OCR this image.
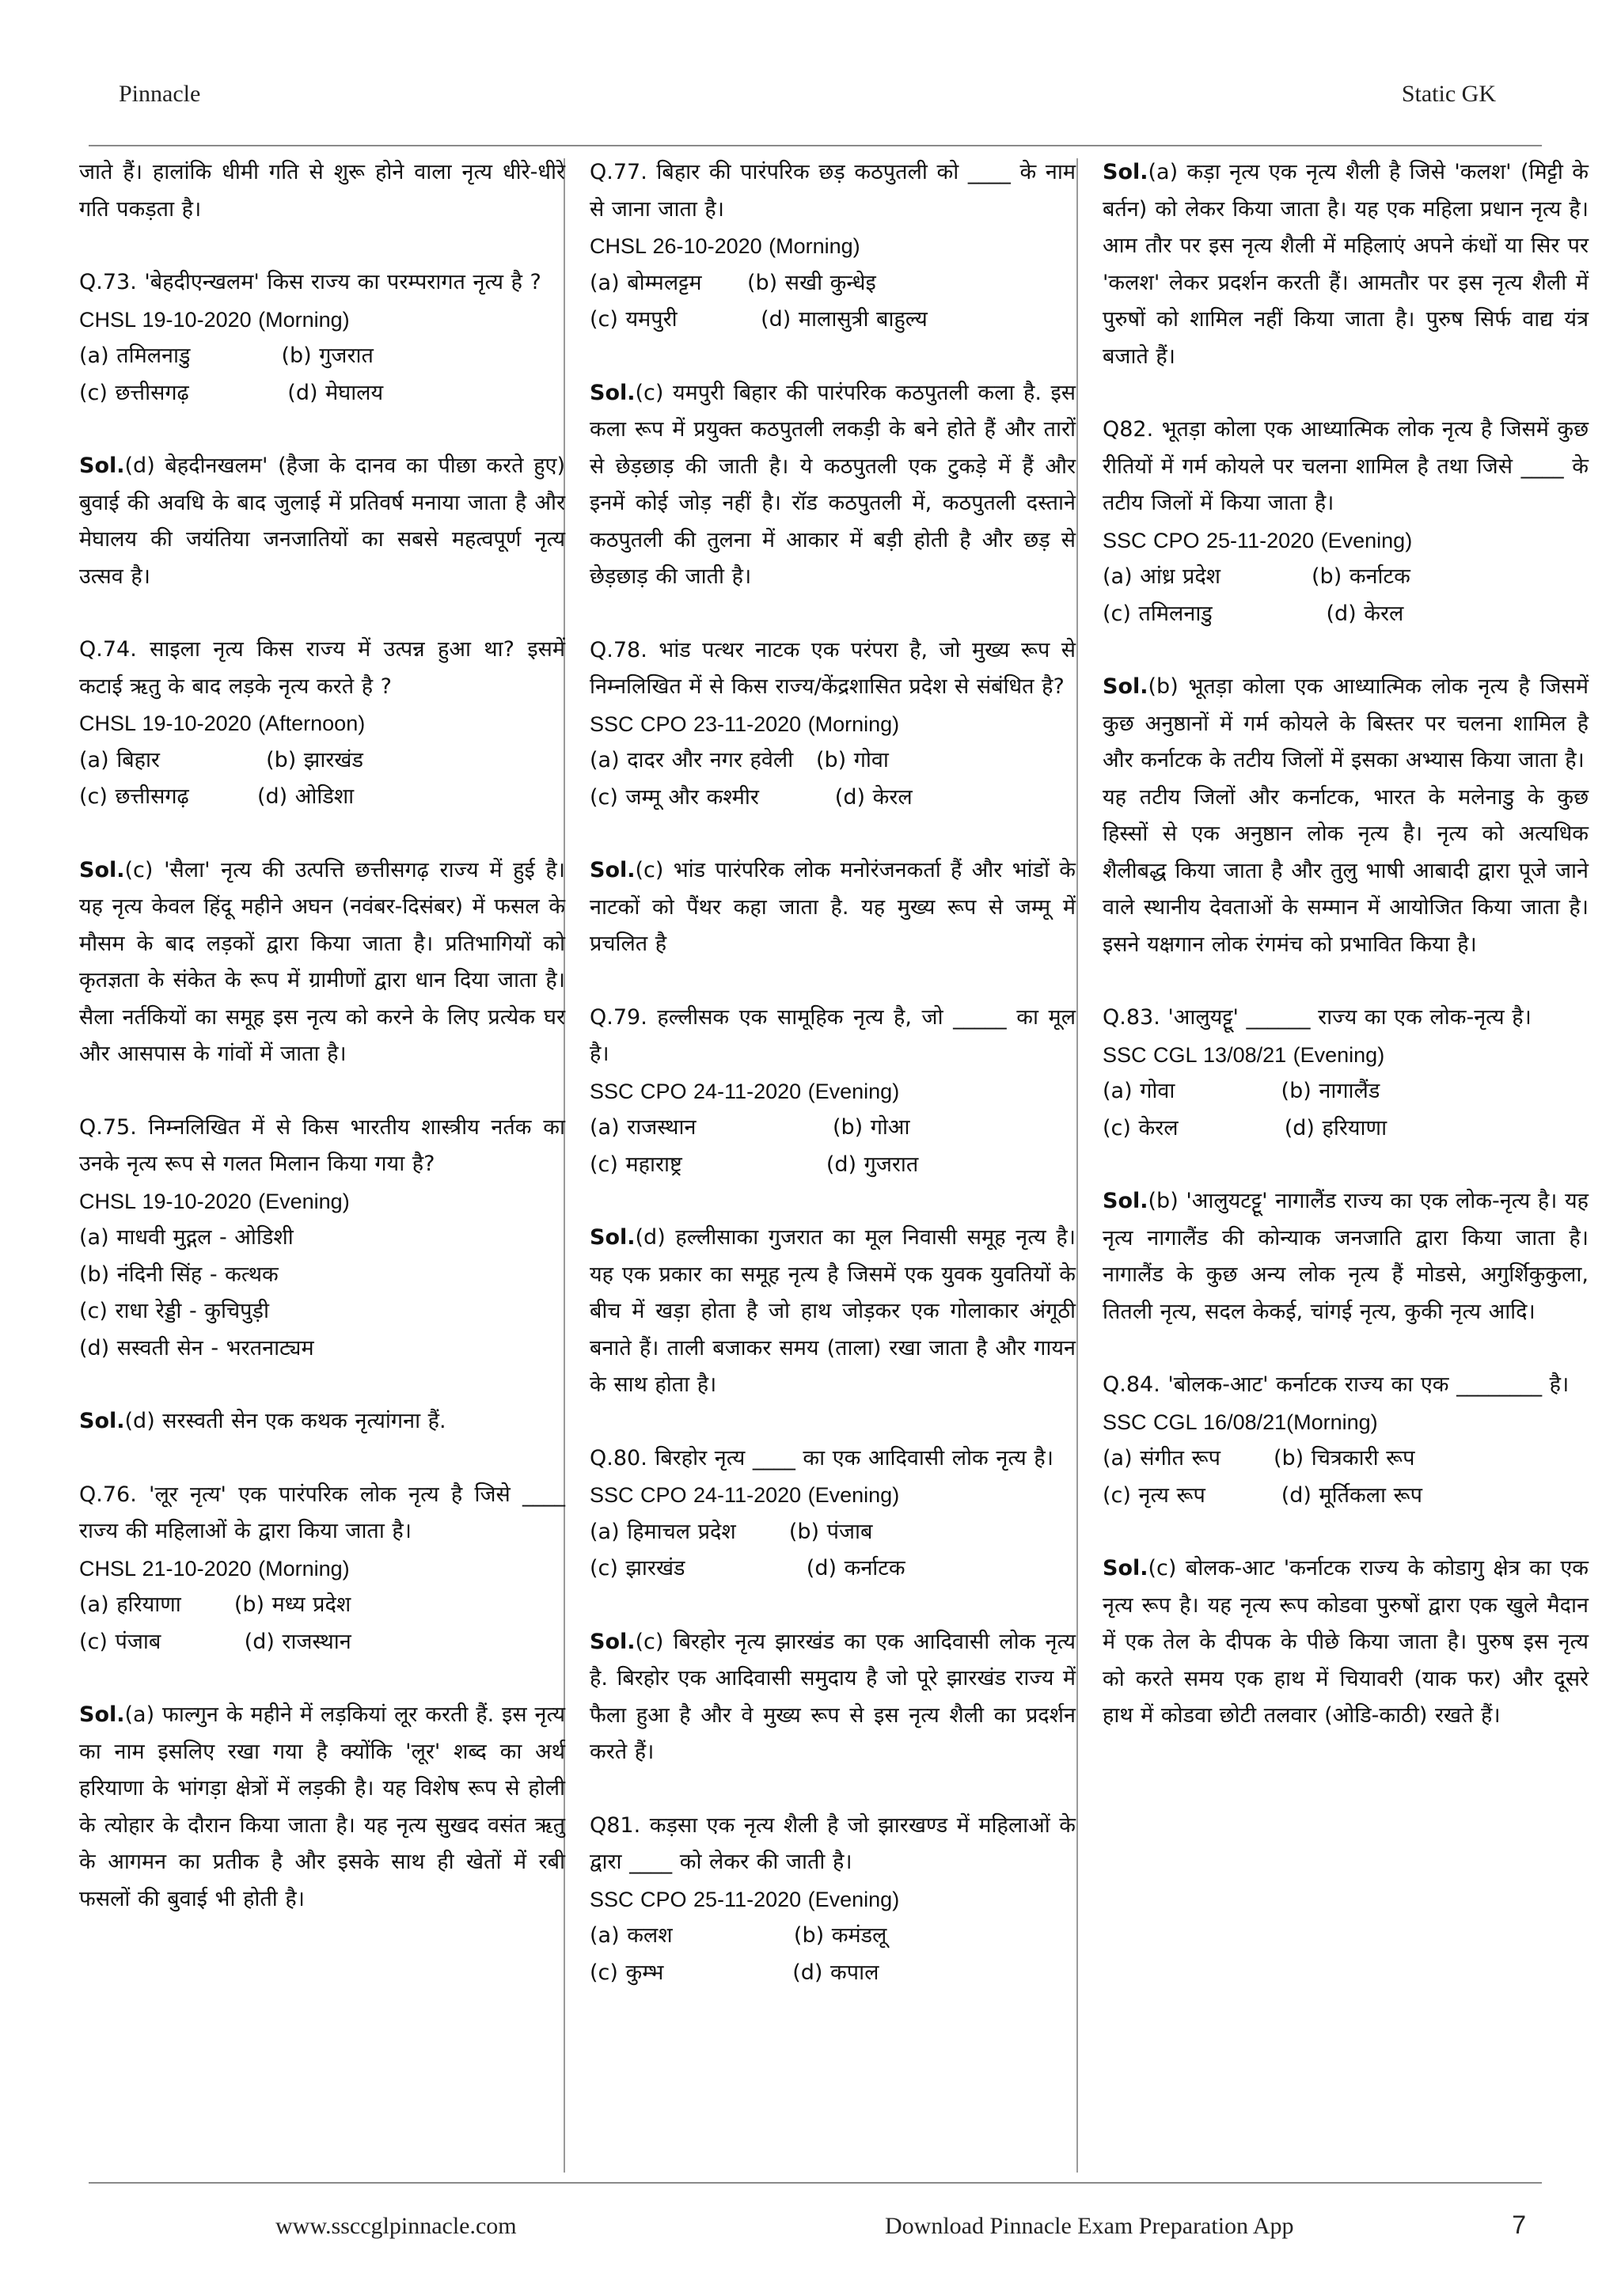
Pinnacle	Static GK

जाते हैं। हालांकि धीमी गति से शुरू होने वाला नृत्य धीरे-धीरे गति पकड़ता है।

Q.73. 'बेहदीएन्खलम' किस राज्य का परम्परागत नृत्य है ?
CHSL 19-10-2020 (Morning)
(a) तमिलनाडु            (b) गुजरात
(c) छत्तीसगढ़             (d) मेघालय

Sol.(d) बेहदीनखलम' (हैजा के दानव का पीछा करते हुए) बुवाई की अवधि के बाद जुलाई में प्रतिवर्ष मनाया जाता है और मेघालय की जयंतिया जनजातियों का सबसे महत्वपूर्ण नृत्य उत्सव है।

Q.74. साइला नृत्य किस राज्य में उत्पन्न हुआ था? इसमें कटाई ऋतु के बाद लड़के नृत्य करते है ?
CHSL 19-10-2020 (Afternoon)
(a) बिहार              (b) झारखंड
(c) छत्तीसगढ़         (d) ओडिशा

Sol.(c) 'सैला' नृत्य की उत्पत्ति छत्तीसगढ़ राज्य में हुई है। यह नृत्य केवल हिंदू महीने अघन (नवंबर-दिसंबर) में फसल के मौसम के बाद लड़कों द्वारा किया जाता है। प्रतिभागियों को कृतज्ञता के संकेत के रूप में ग्रामीणों द्वारा धान दिया जाता है। सैला नर्तकियों का समूह इस नृत्य को करने के लिए प्रत्येक घर और आसपास के गांवों में जाता है।

Q.75. निम्नलिखित में से किस भारतीय शास्त्रीय नर्तक का उनके नृत्य रूप से गलत मिलान किया गया है?
CHSL 19-10-2020 (Evening)
(a) माधवी मुद्गल - ओडिशी
(b) नंदिनी सिंह - कत्थक
(c) राधा रेड्डी - कुचिपुड़ी
(d) सस्वती सेन - भरतनाट्यम

Sol.(d) सरस्वती सेन एक कथक नृत्यांगना हैं.

Q.76. 'लूर नृत्य' एक पारंपरिक लोक नृत्य है जिसे ____ राज्य की महिलाओं के द्वारा किया जाता है।
CHSL 21-10-2020 (Morning)
(a) हरियाणा       (b) मध्य प्रदेश
(c) पंजाब           (d) राजस्थान

Sol.(a) फाल्गुन के महीने में लड़कियां लूर करती हैं. इस नृत्य का नाम इसलिए रखा गया है क्योंकि 'लूर' शब्द का अर्थ हरियाणा के भांगड़ा क्षेत्रों में लड़की है। यह विशेष रूप से होली के त्योहार के दौरान किया जाता है। यह नृत्य सुखद वसंत ऋतु के आगमन का प्रतीक है और इसके साथ ही खेतों में रबी फसलों की बुवाई भी होती है।

Q.77. बिहार की पारंपरिक छड़ कठपुतली को ____ के नाम से जाना जाता है।
CHSL 26-10-2020 (Morning)
(a) बोम्मलट्टम      (b) सखी कुन्धेइ
(c) यमपुरी           (d) मालासुत्री बाहुल्य

Sol.(c) यमपुरी बिहार की पारंपरिक कठपुतली कला है. इस कला रूप में प्रयुक्त कठपुतली लकड़ी के बने होते हैं और तारों से छेड़छाड़ की जाती है। ये कठपुतली एक टुकड़े में हैं और इनमें कोई जोड़ नहीं है। रॉड कठपुतली में, कठपुतली दस्ताने कठपुतली की तुलना में आकार में बड़ी होती है और छड़ से छेड़छाड़ की जाती है।

Q.78. भांड पत्थर नाटक एक परंपरा है, जो मुख्य रूप से निम्नलिखित में से किस राज्य/केंद्रशासित प्रदेश से संबंधित है?
SSC CPO 23-11-2020 (Morning)
(a) दादर और नगर हवेली   (b) गोवा
(c) जम्मू और कश्मीर          (d) केरल

Sol.(c) भांड पारंपरिक लोक मनोरंजनकर्ता हैं और भांडों के नाटकों को पैंथर कहा जाता है. यह मुख्य रूप से जम्मू में प्रचलित है

Q.79. हल्लीसक एक सामूहिक नृत्य है, जो _____ का मूल है।
SSC CPO 24-11-2020 (Evening)
(a) राजस्थान                  (b) गोआ
(c) महाराष्ट्र                   (d) गुजरात

Sol.(d) हल्लीसाका गुजरात का मूल निवासी समूह नृत्य है। यह एक प्रकार का समूह नृत्य है जिसमें एक युवक युवतियों के बीच में खड़ा होता है जो हाथ जोड़कर एक गोलाकार अंगूठी बनाते हैं। ताली बजाकर समय (ताला) रखा जाता है और गायन के साथ होता है।

Q.80. बिरहोर नृत्य ____ का एक आदिवासी लोक नृत्य है।
SSC CPO 24-11-2020 (Evening)
(a) हिमाचल प्रदेश       (b) पंजाब
(c) झारखंड                (d) कर्नाटक

Sol.(c) बिरहोर नृत्य झारखंड का एक आदिवासी लोक नृत्य है. बिरहोर एक आदिवासी समुदाय है जो पूरे झारखंड राज्य में फैला हुआ है और वे मुख्य रूप से इस नृत्य शैली का प्रदर्शन करते हैं।

Q81. कड़सा एक नृत्य शैली है जो झारखण्ड में महिलाओं के द्वारा ____ को लेकर की जाती है।
SSC CPO 25-11-2020 (Evening)
(a) कलश                (b) कमंडलू
(c) कुम्भ                 (d) कपाल

Sol.(a) कड़ा नृत्य एक नृत्य शैली है जिसे 'कलश' (मिट्टी के बर्तन) को लेकर किया जाता है। यह एक महिला प्रधान नृत्य है। आम तौर पर इस नृत्य शैली में महिलाएं अपने कंधों या सिर पर 'कलश' लेकर प्रदर्शन करती हैं। आमतौर पर इस नृत्य शैली में पुरुषों को शामिल नहीं किया जाता है। पुरुष सिर्फ वाद्य यंत्र बजाते हैं।

Q82. भूतड़ा कोला एक आध्यात्मिक लोक नृत्य है जिसमें कुछ रीतियों में गर्म कोयले पर चलना शामिल है तथा जिसे ____ के तटीय जिलों में किया जाता है।
SSC CPO 25-11-2020 (Evening)
(a) आंध्र प्रदेश            (b) कर्नाटक
(c) तमिलनाडु               (d) केरल

Sol.(b) भूतड़ा कोला एक आध्यात्मिक लोक नृत्य है जिसमें कुछ अनुष्ठानों में गर्म कोयले के बिस्तर पर चलना शामिल है और कर्नाटक के तटीय जिलों में इसका अभ्यास किया जाता है।

यह तटीय जिलों और कर्नाटक, भारत के मलेनाडु के कुछ हिस्सों से एक अनुष्ठान लोक नृत्य है। नृत्य को अत्यधिक शैलीबद्ध किया जाता है और तुलु भाषी आबादी द्वारा पूजे जाने वाले स्थानीय देवताओं के सम्मान में आयोजित किया जाता है। इसने यक्षगान लोक रंगमंच को प्रभावित किया है।

Q.83. 'आलुयट्टू' ______ राज्य का एक लोक-नृत्य है।
SSC CGL 13/08/21 (Evening)
(a) गोवा              (b) नागालैंड
(c) केरल              (d) हरियाणा

Sol.(b) 'आलुयटट्टू' नागालैंड राज्य का एक लोक-नृत्य है। यह नृत्य नागालैंड की कोन्याक जनजाति द्वारा किया जाता है। नागालैंड के कुछ अन्य लोक नृत्य हैं मोडसे, अगुर्शिकुकुला, तितली नृत्य, सदल केकई, चांगई नृत्य, कुकी नृत्य आदि।

Q.84. 'बोलक-आट' कर्नाटक राज्य का एक ________ है।
SSC CGL 16/08/21(Morning)
(a) संगीत रूप       (b) चित्रकारी रूप
(c) नृत्य रूप          (d) मूर्तिकला रूप

Sol.(c) बोलक-आट 'कर्नाटक राज्य के कोडागु क्षेत्र का एक नृत्य रूप है। यह नृत्य रूप कोडवा पुरुषों द्वारा एक खुले मैदान में एक तेल के दीपक के पीछे किया जाता है। पुरुष इस नृत्य को करते समय एक हाथ में चियावरी (याक फर) और दूसरे हाथ में कोडवा छोटी तलवार (ओडि-काठी) रखते हैं।

www.ssccglpinnacle.com	Download Pinnacle Exam Preparation App	7
